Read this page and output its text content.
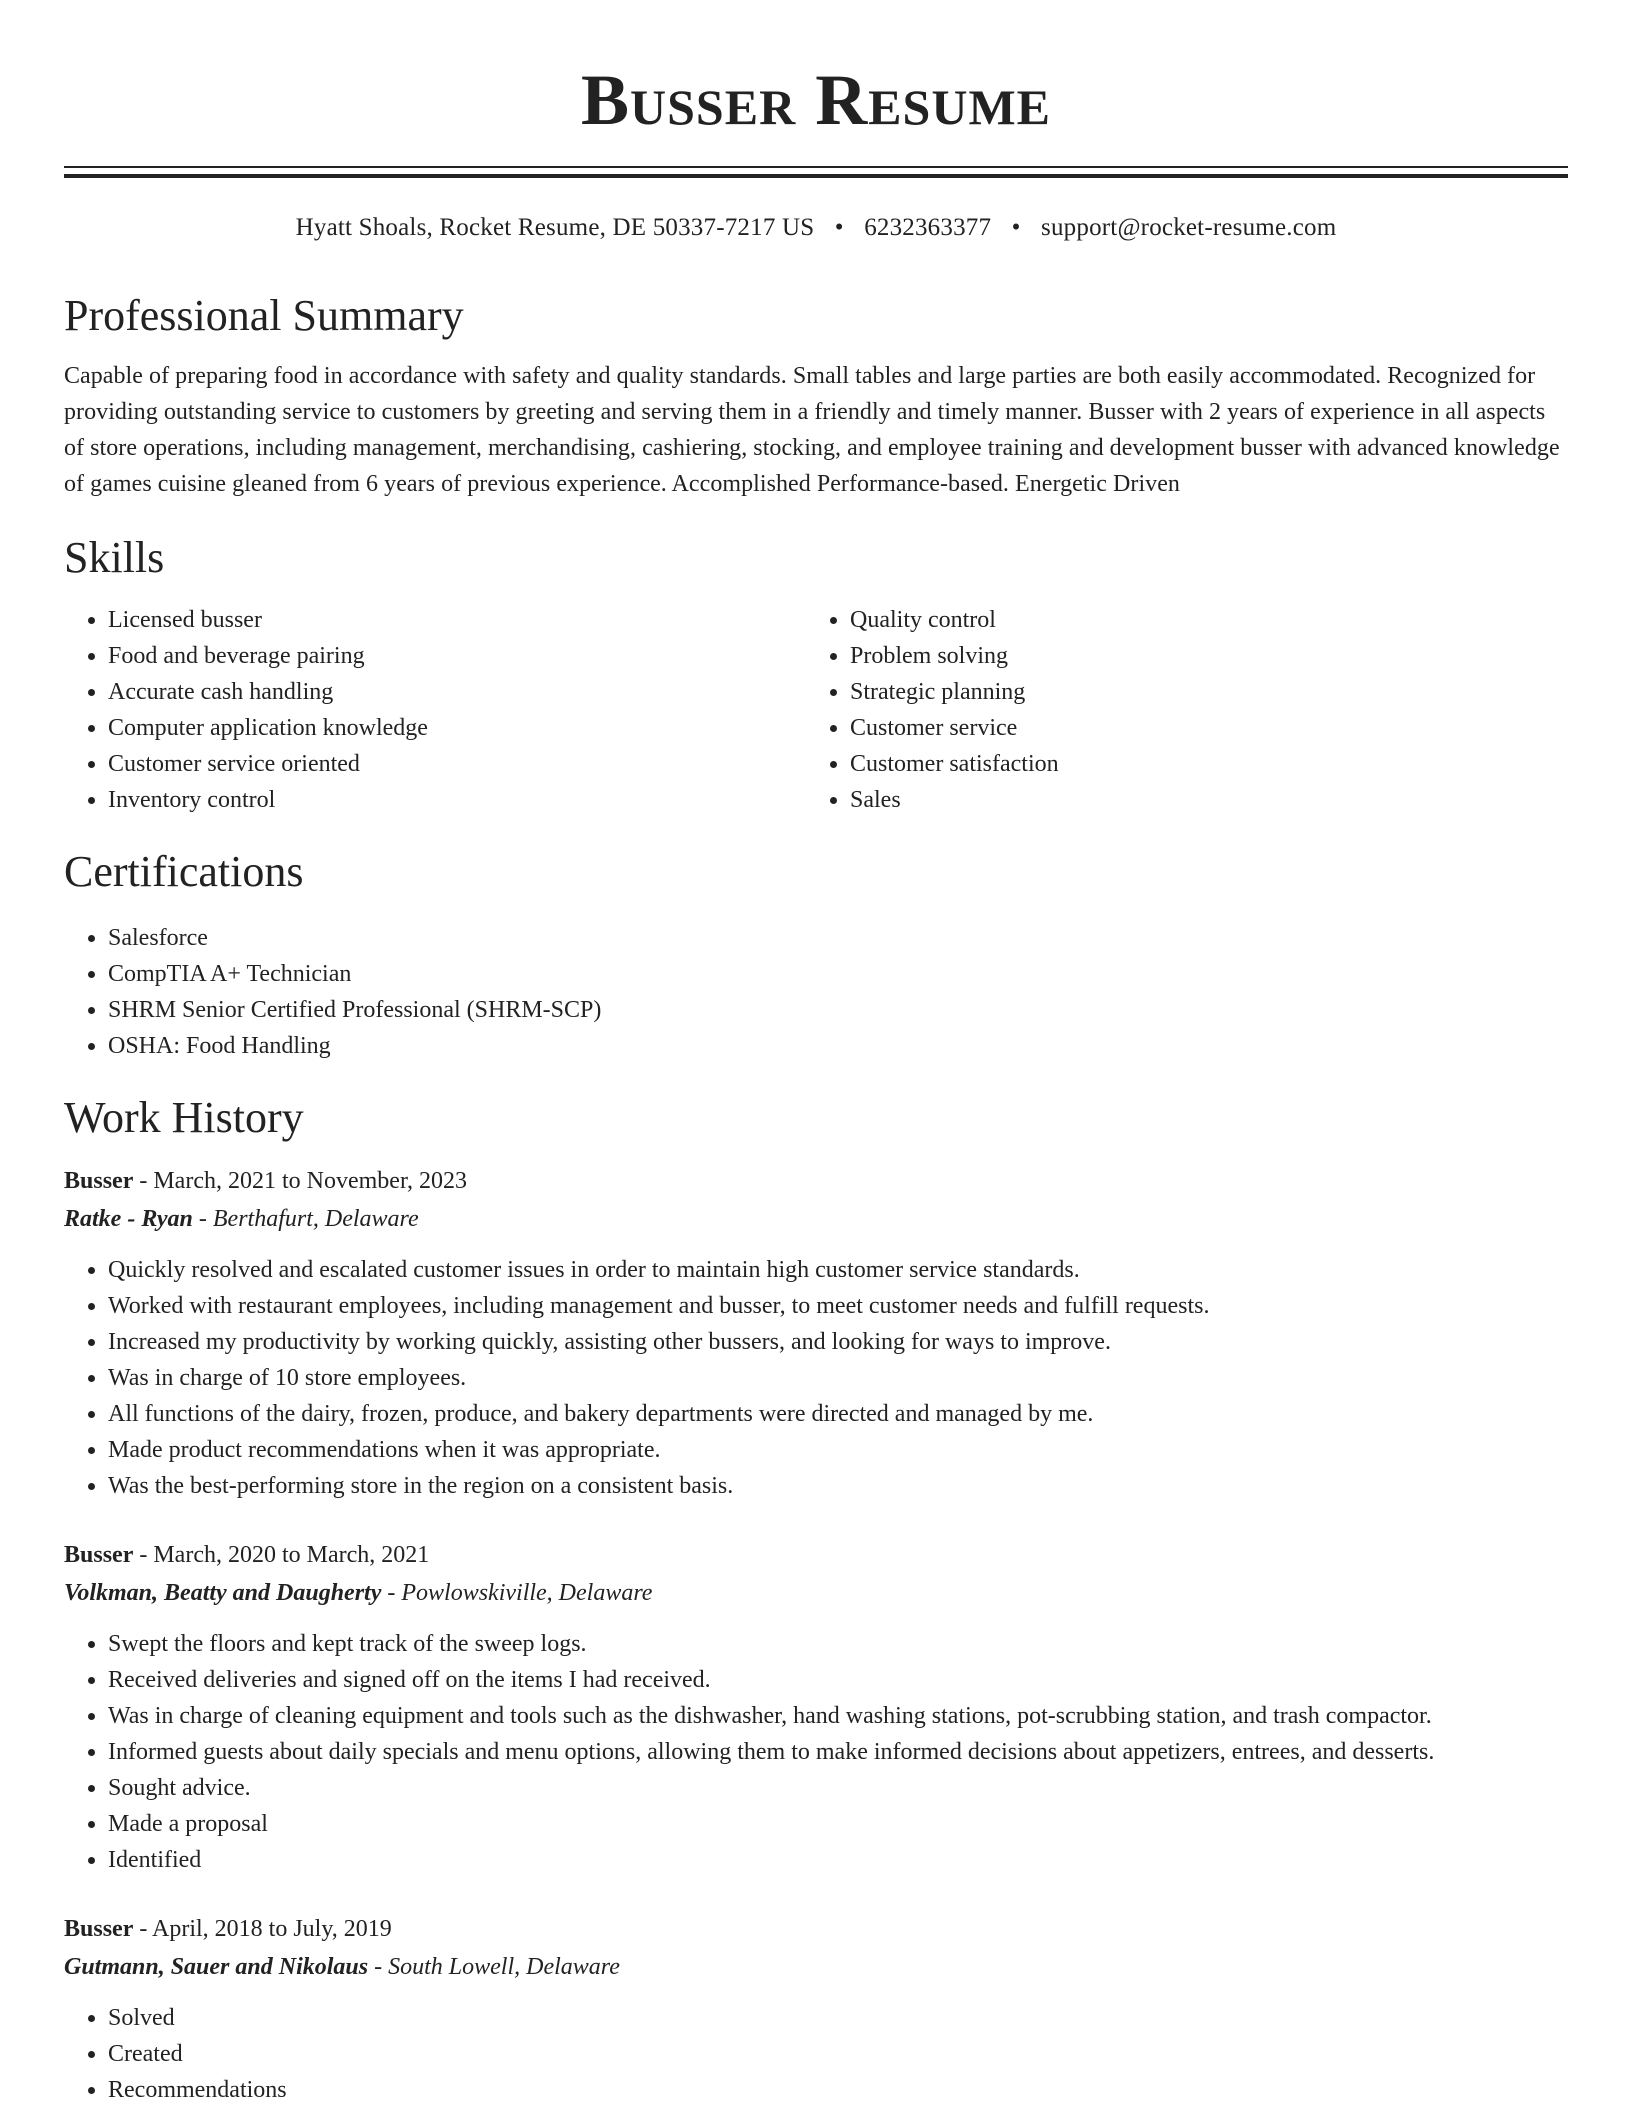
Busser Resume
Hyatt Shoals, Rocket Resume, DE 50337-7217 US • 6232363377 • support@rocket-resume.com
Professional Summary
Capable of preparing food in accordance with safety and quality standards. Small tables and large parties are both easily accommodated. Recognized for providing outstanding service to customers by greeting and serving them in a friendly and timely manner. Busser with 2 years of experience in all aspects of store operations, including management, merchandising, cashiering, stocking, and employee training and development busser with advanced knowledge of games cuisine gleaned from 6 years of previous experience. Accomplished Performance-based. Energetic Driven
Skills
• Licensed busser
• Food and beverage pairing
• Accurate cash handling
• Computer application knowledge
• Customer service oriented
• Inventory control
• Quality control
• Problem solving
• Strategic planning
• Customer service
• Customer satisfaction
• Sales
Certifications
• Salesforce
• CompTIA A+ Technician
• SHRM Senior Certified Professional (SHRM-SCP)
• OSHA: Food Handling
Work History
Busser - March, 2021 to November, 2023
Ratke - Ryan - Berthafurt, Delaware
• Quickly resolved and escalated customer issues in order to maintain high customer service standards.
• Worked with restaurant employees, including management and busser, to meet customer needs and fulfill requests.
• Increased my productivity by working quickly, assisting other bussers, and looking for ways to improve.
• Was in charge of 10 store employees.
• All functions of the dairy, frozen, produce, and bakery departments were directed and managed by me.
• Made product recommendations when it was appropriate.
• Was the best-performing store in the region on a consistent basis.
Busser - March, 2020 to March, 2021
Volkman, Beatty and Daugherty - Powlowskiville, Delaware
• Swept the floors and kept track of the sweep logs.
• Received deliveries and signed off on the items I had received.
• Was in charge of cleaning equipment and tools such as the dishwasher, hand washing stations, pot-scrubbing station, and trash compactor.
• Informed guests about daily specials and menu options, allowing them to make informed decisions about appetizers, entrees, and desserts.
• Sought advice.
• Made a proposal
• Identified
Busser - April, 2018 to July, 2019
Gutmann, Sauer and Nikolaus - South Lowell, Delaware
• Solved
• Created
• Recommendations
